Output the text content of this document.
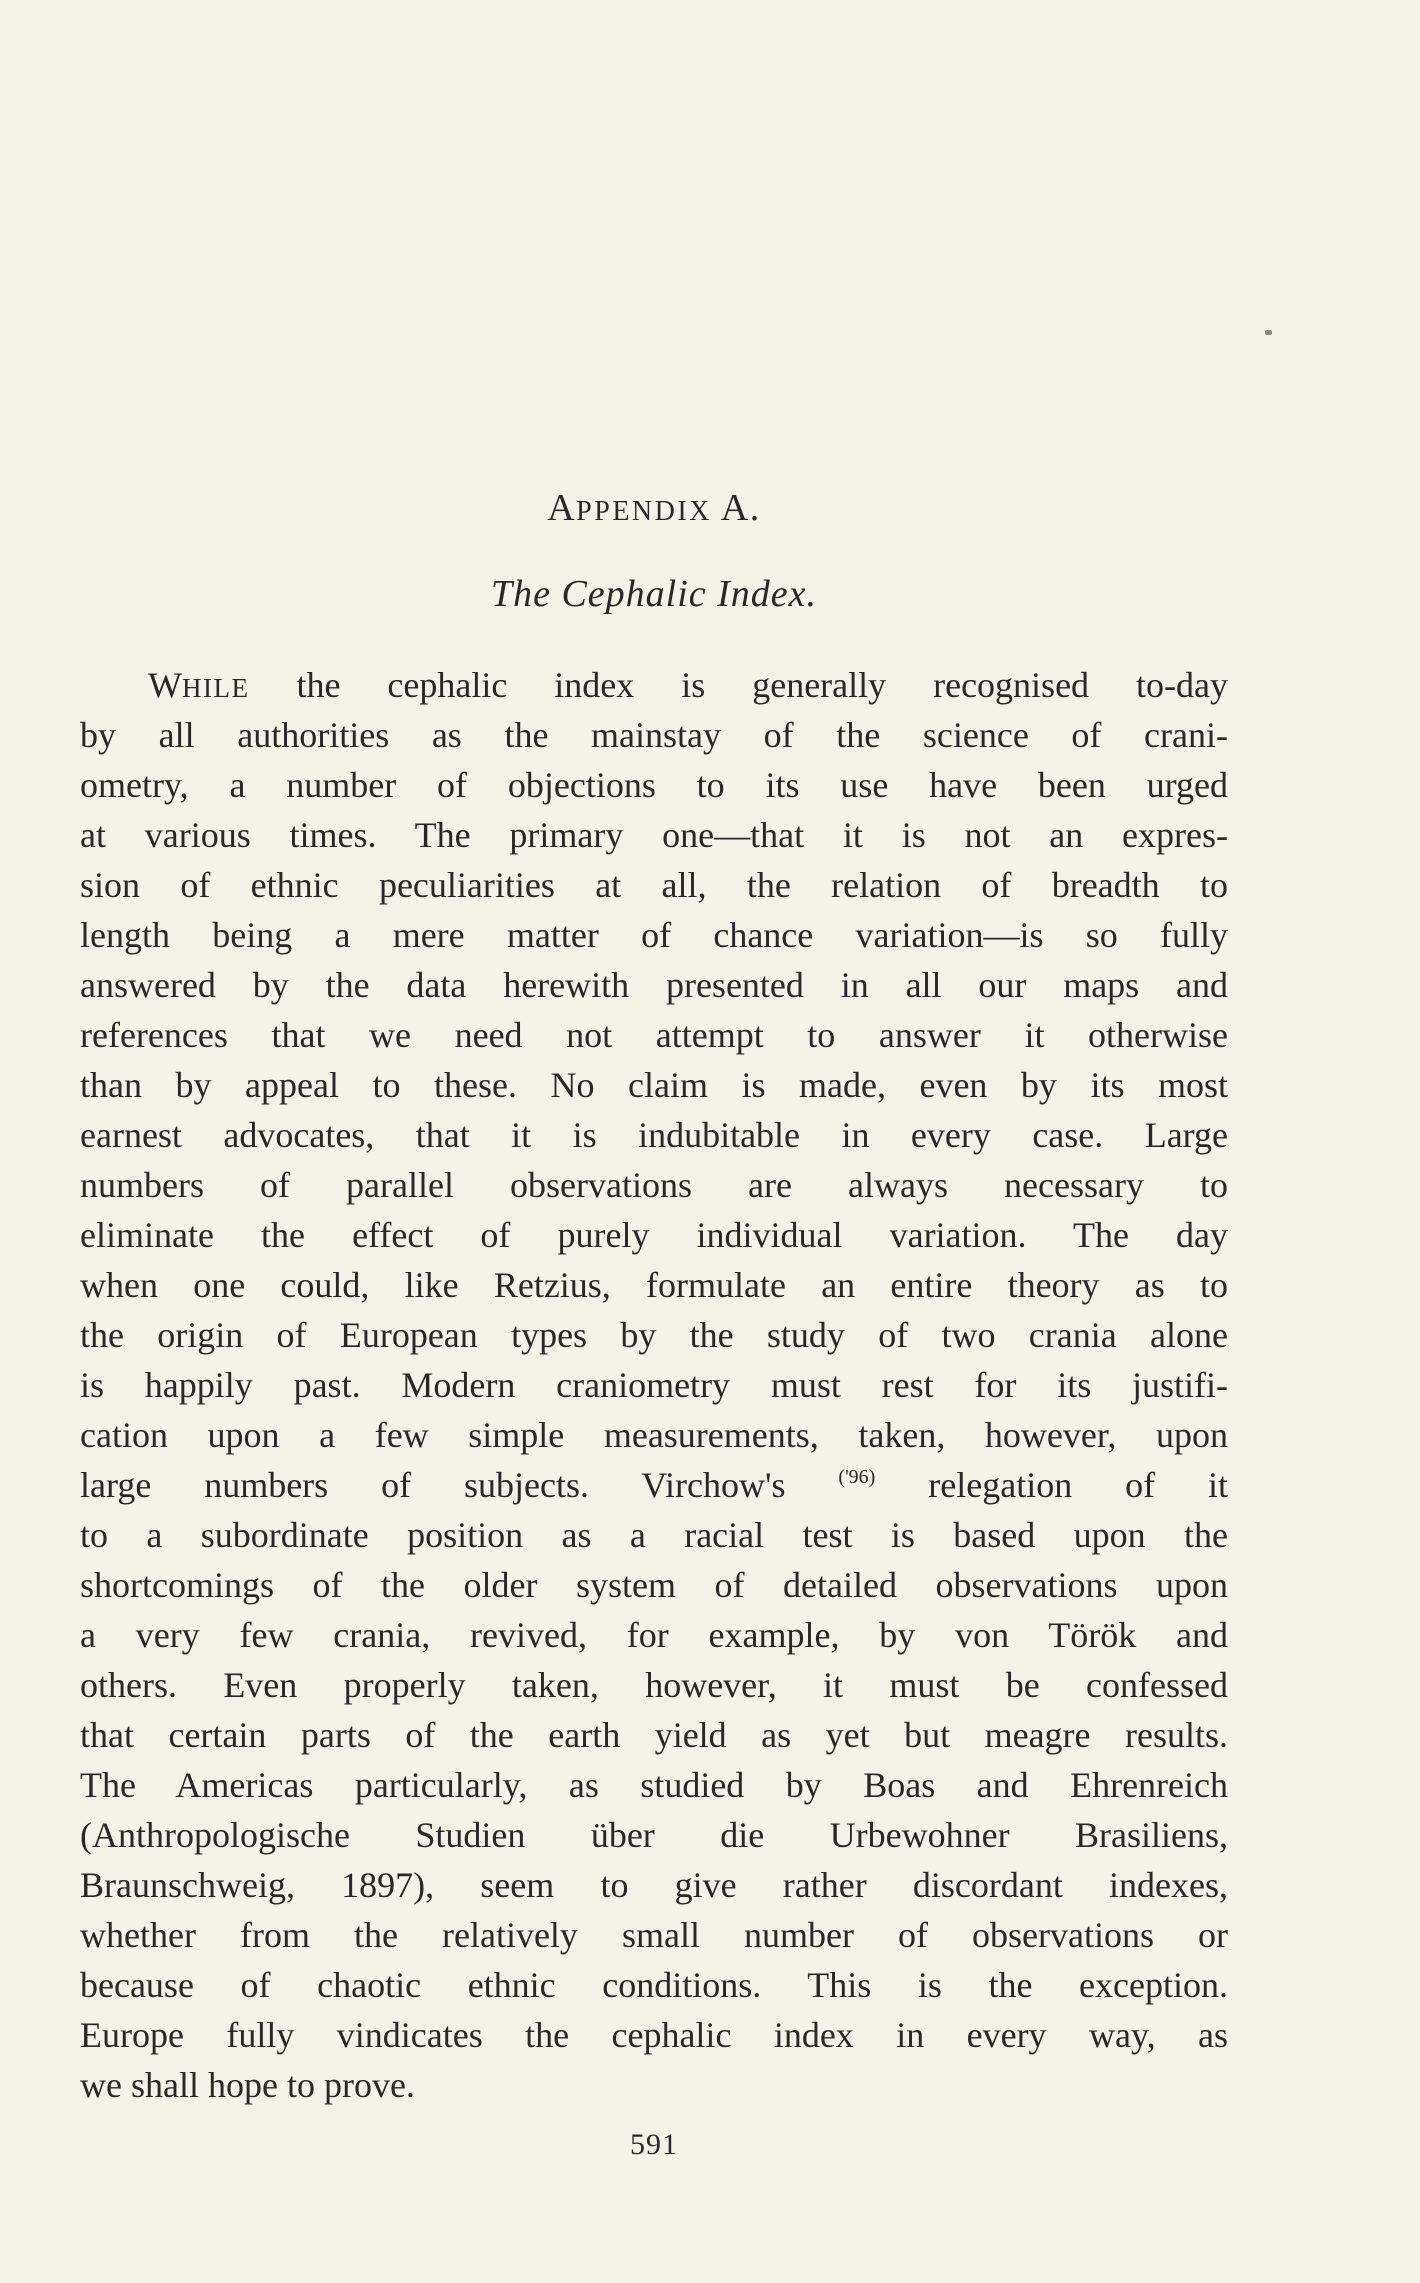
APPENDIX A.
The Cephalic Index.
WHILE the cephalic index is generally recognised to-day
by all authorities as the mainstay of the science of crani-
ometry, a number of objections to its use have been urged
at various times. The primary one—that it is not an expres-
sion of ethnic peculiarities at all, the relation of breadth to
length being a mere matter of chance variation—is so fully
answered by the data herewith presented in all our maps and
references that we need not attempt to answer it otherwise
than by appeal to these. No claim is made, even by its most
earnest advocates, that it is indubitable in every case. Large
numbers of parallel observations are always necessary to
eliminate the effect of purely individual variation. The day
when one could, like Retzius, formulate an entire theory as to
the origin of European types by the study of two crania alone
is happily past. Modern craniometry must rest for its justifi-
cation upon a few simple measurements, taken, however, upon
large numbers of subjects. Virchow's	$^{('96)}$ relegation of it
to a subordinate position as a racial test is based upon the
shortcomings of the older system of detailed observations upon
a very few crania, revived, for example, by von Török and
others. Even properly taken, however, it must be confessed
that certain parts of the earth yield as yet but meagre results.
The Americas particularly, as studied by Boas and Ehrenreich
(Anthropologische Studien über die Urbewohner Brasiliens,
Braunschweig, 1897), seem to give rather discordant indexes,
whether from the relatively small number of observations or
because of chaotic ethnic conditions. This is the exception.
Europe fully vindicates the cephalic index in every way, as
we shall hope to prove.
591
